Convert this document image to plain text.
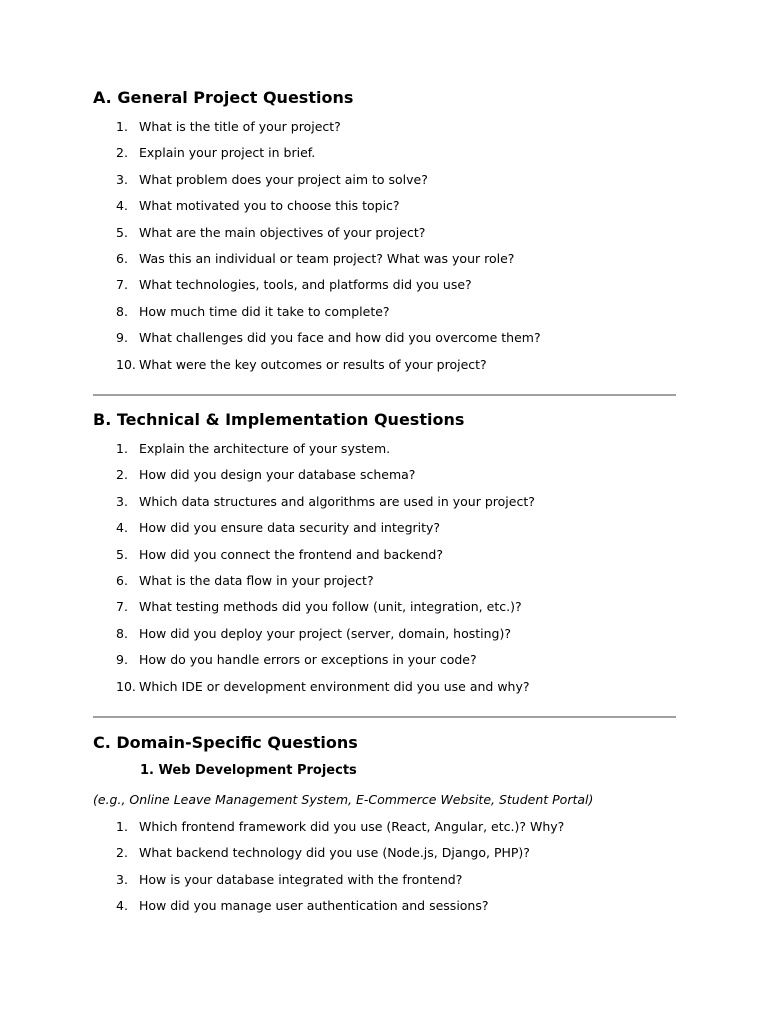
A. General Project Questions
1. What is the title of your project?
2. Explain your project in brief.
3. What problem does your project aim to solve?
4. What motivated you to choose this topic?
5. What are the main objectives of your project?
6. Was this an individual or team project? What was your role?
7. What technologies, tools, and platforms did you use?
8. How much time did it take to complete?
9. What challenges did you face and how did you overcome them?
10. What were the key outcomes or results of your project?
B. Technical & Implementation Questions
1. Explain the architecture of your system.
2. How did you design your database schema?
3. Which data structures and algorithms are used in your project?
4. How did you ensure data security and integrity?
5. How did you connect the frontend and backend?
6. What is the data flow in your project?
7. What testing methods did you follow (unit, integration, etc.)?
8. How did you deploy your project (server, domain, hosting)?
9. How do you handle errors or exceptions in your code?
10. Which IDE or development environment did you use and why?
C. Domain-Specific Questions
1. Web Development Projects
(e.g., Online Leave Management System, E-Commerce Website, Student Portal)
1. Which frontend framework did you use (React, Angular, etc.)? Why?
2. What backend technology did you use (Node.js, Django, PHP)?
3. How is your database integrated with the frontend?
4. How did you manage user authentication and sessions?
